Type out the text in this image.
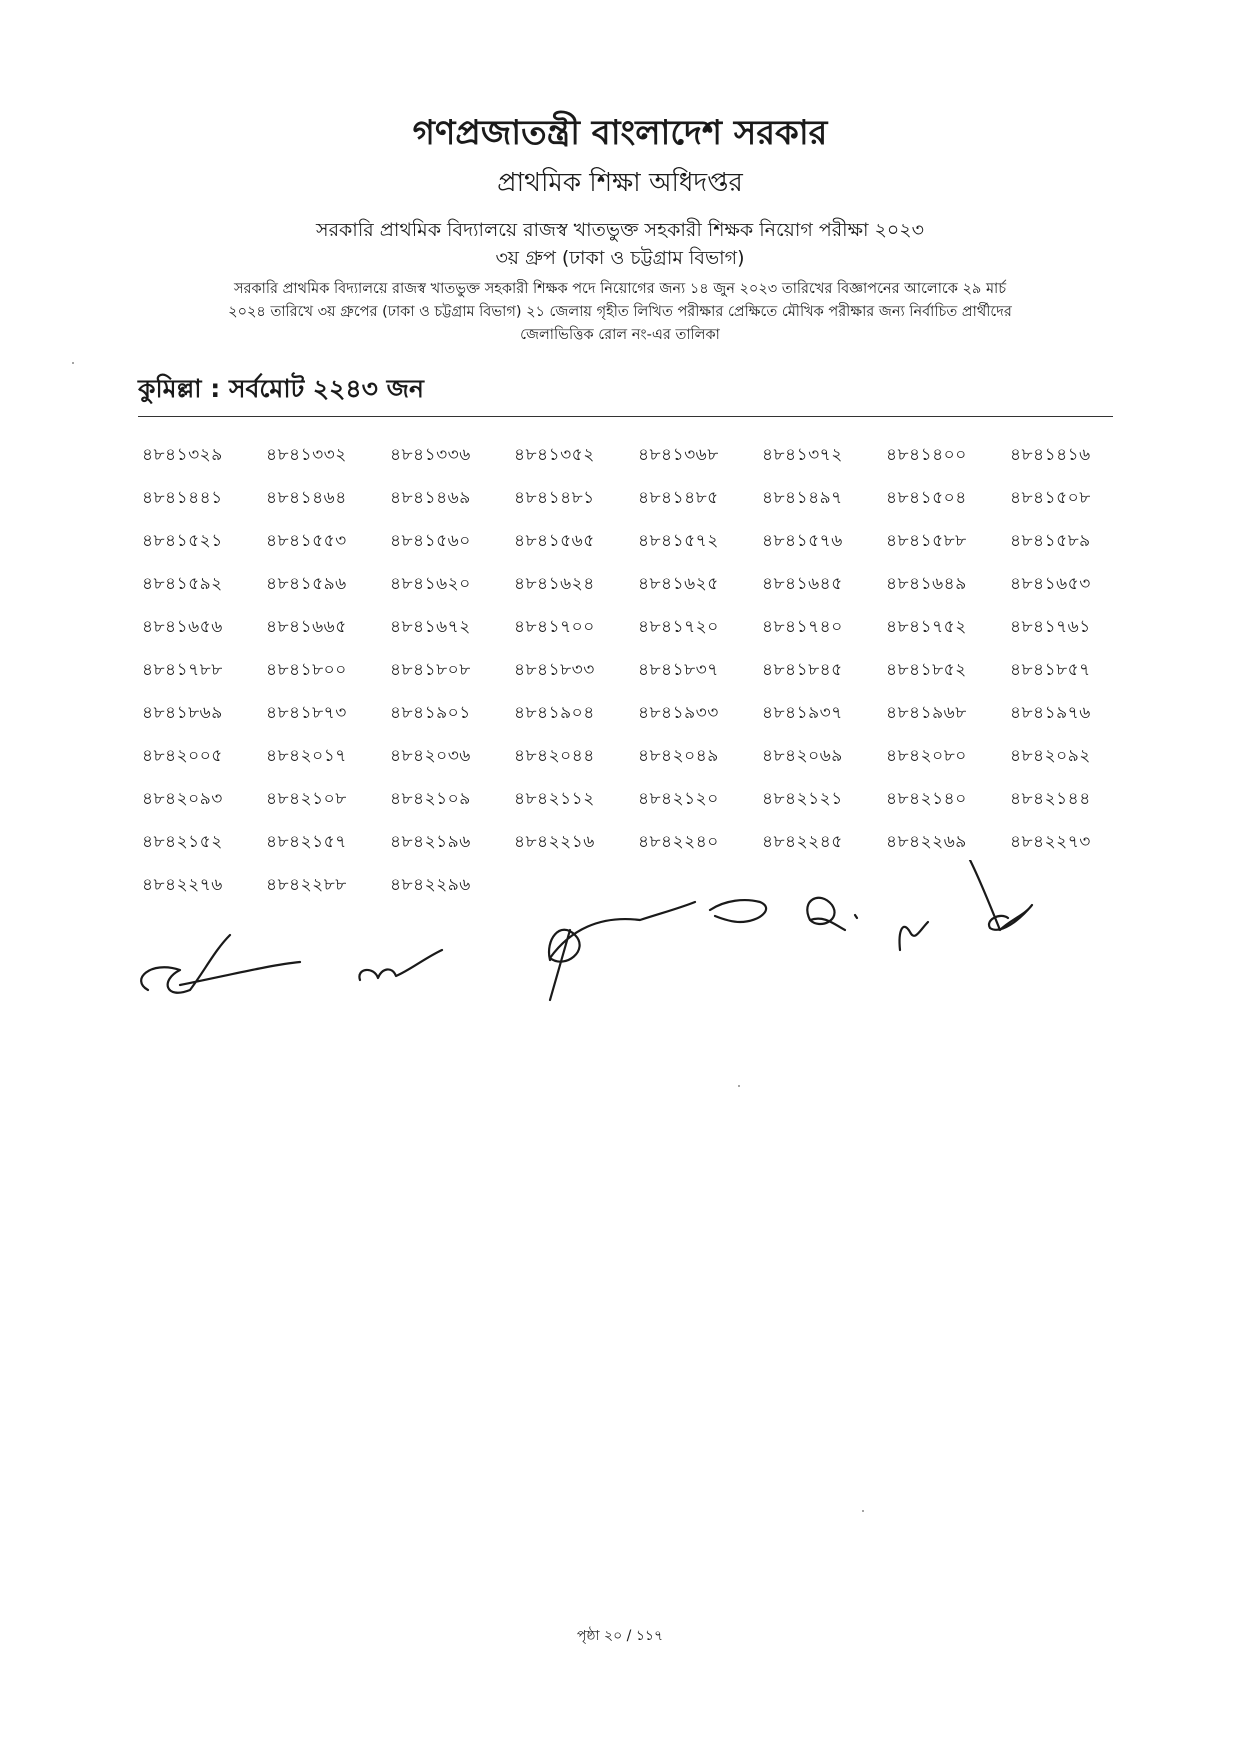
গণপ্রজাতন্ত্রী বাংলাদেশ সরকার
প্রাথমিক শিক্ষা অধিদপ্তর
সরকারি প্রাথমিক বিদ্যালয়ে রাজস্ব খাতভুক্ত সহকারী শিক্ষক নিয়োগ পরীক্ষা ২০২৩
৩য় গ্রুপ (ঢাকা ও চট্টগ্রাম বিভাগ)
সরকারি প্রাথমিক বিদ্যালয়ে রাজস্ব খাতভুক্ত সহকারী শিক্ষক পদে নিয়োগের জন্য ১৪ জুন ২০২৩ তারিখের বিজ্ঞাপনের আলোকে ২৯ মার্চ
২০২৪ তারিখে ৩য় গ্রুপের (ঢাকা ও চট্টগ্রাম বিভাগ) ২১ জেলায় গৃহীত লিখিত পরীক্ষার প্রেক্ষিতে মৌখিক পরীক্ষার জন্য নির্বাচিত প্রার্থীদের
জেলাভিত্তিক রোল নং-এর তালিকা
কুমিল্লা : সর্বমোট ২২৪৩ জন
৪৮৪১৩২৯	৪৮৪১৩৩২	৪৮৪১৩৩৬	৪৮৪১৩৫২	৪৮৪১৩৬৮	৪৮৪১৩৭২	৪৮৪১৪০০	৪৮৪১৪১৬
৪৮৪১৪৪১	৪৮৪১৪৬৪	৪৮৪১৪৬৯	৪৮৪১৪৮১	৪৮৪১৪৮৫	৪৮৪১৪৯৭	৪৮৪১৫০৪	৪৮৪১৫০৮
৪৮৪১৫২১	৪৮৪১৫৫৩	৪৮৪১৫৬০	৪৮৪১৫৬৫	৪৮৪১৫৭২	৪৮৪১৫৭৬	৪৮৪১৫৮৮	৪৮৪১৫৮৯
৪৮৪১৫৯২	৪৮৪১৫৯৬	৪৮৪১৬২০	৪৮৪১৬২৪	৪৮৪১৬২৫	৪৮৪১৬৪৫	৪৮৪১৬৪৯	৪৮৪১৬৫৩
৪৮৪১৬৫৬	৪৮৪১৬৬৫	৪৮৪১৬৭২	৪৮৪১৭০০	৪৮৪১৭২০	৪৮৪১৭৪০	৪৮৪১৭৫২	৪৮৪১৭৬১
৪৮৪১৭৮৮	৪৮৪১৮০০	৪৮৪১৮০৮	৪৮৪১৮৩৩	৪৮৪১৮৩৭	৪৮৪১৮৪৫	৪৮৪১৮৫২	৪৮৪১৮৫৭
৪৮৪১৮৬৯	৪৮৪১৮৭৩	৪৮৪১৯০১	৪৮৪১৯০৪	৪৮৪১৯৩৩	৪৮৪১৯৩৭	৪৮৪১৯৬৮	৪৮৪১৯৭৬
৪৮৪২০০৫	৪৮৪২০১৭	৪৮৪২০৩৬	৪৮৪২০৪৪	৪৮৪২০৪৯	৪৮৪২০৬৯	৪৮৪২০৮০	৪৮৪২০৯২
৪৮৪২০৯৩	৪৮৪২১০৮	৪৮৪২১০৯	৪৮৪২১১২	৪৮৪২১২০	৪৮৪২১২১	৪৮৪২১৪০	৪৮৪২১৪৪
৪৮৪২১৫২	৪৮৪২১৫৭	৪৮৪২১৯৬	৪৮৪২২১৬	৪৮৪২২৪০	৪৮৪২২৪৫	৪৮৪২২৬৯	৪৮৪২২৭৩
৪৮৪২২৭৬	৪৮৪২২৮৮	৪৮৪২২৯৬
পৃষ্ঠা ২০ / ১১৭
